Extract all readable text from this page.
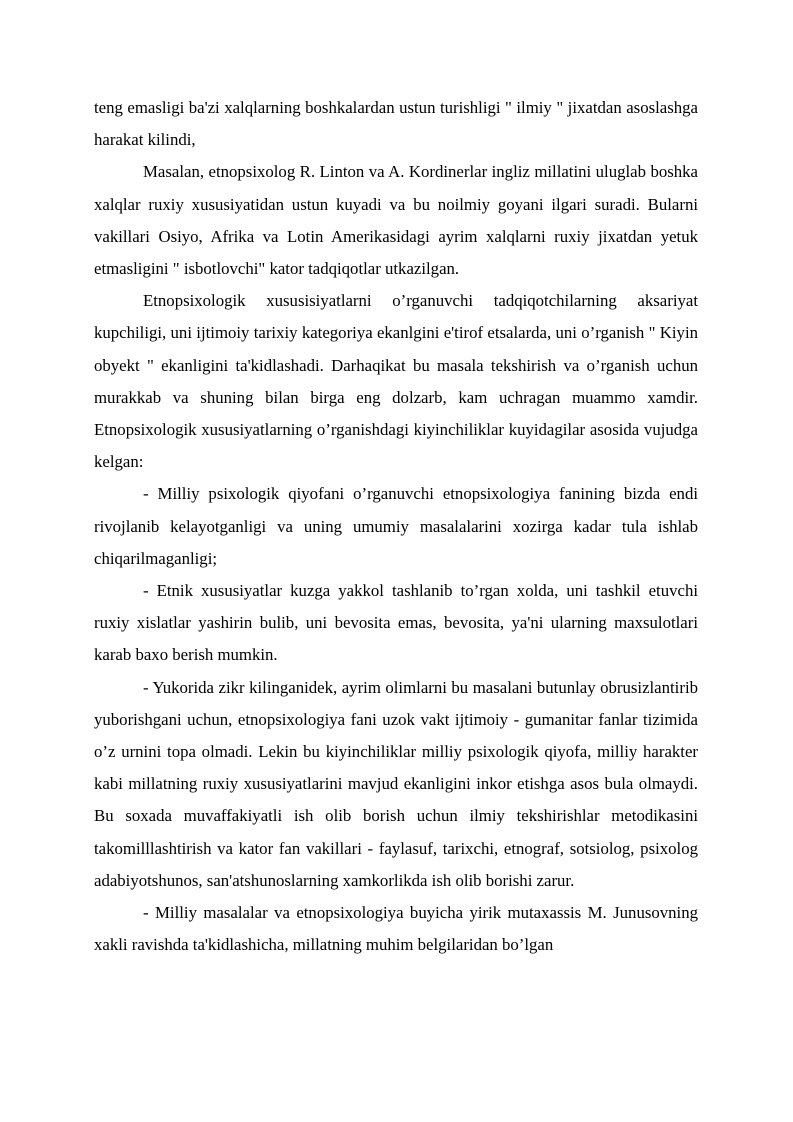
teng emasligi ba'zi xalqlarning boshkalardan ustun turishligi " ilmiy " jixatdan asoslashga harakat kilindi,

Masalan, etnopsixolog R. Linton va A. Kordinerlar ingliz millatini uluglab boshka xalqlar ruxiy xususiyatidan ustun kuyadi va bu noilmiy goyani ilgari suradi. Bularni vakillari Osiyo, Afrika va Lotin Amerikasidagi ayrim xalqlarni ruxiy jixatdan yetuk etmasligini " isbotlovchi" kator tadqiqotlar utkazilgan.

Etnopsixologik xususisiyatlarni o’rganuvchi tadqiqotchilarning aksariyat kupchiligi, uni ijtimoiy tarixiy kategoriya ekanlgini e'tirof etsalarda, uni o’rganish " Kiyin obyekt " ekanligini ta'kidlashadi. Darhaqikat bu masala tekshirish va o’rganish uchun murakkab va shuning bilan birga eng dolzarb, kam uchragan muammo xamdir. Etnopsixologik xususiyatlarning o’rganishdagi kiyinchiliklar kuyidagilar asosida vujudga kelgan:

- Milliy psixologik qiyofani o’rganuvchi etnopsixologiya fanining bizda endi rivojlanib kelayotganligi va uning umumiy masalalarini xozirga kadar tula ishlab chiqarilmaganligi;

- Etnik xususiyatlar kuzga yakkol tashlanib to’rgan xolda, uni tashkil etuvchi ruxiy xislatlar yashirin bulib, uni bevosita emas, bevosita, ya'ni ularning maxsulotlari karab baxo berish mumkin.

- Yukorida zikr kilinganidek, ayrim olimlarni bu masalani butunlay obrusizlantirib yuborishgani uchun, etnopsixologiya fani uzok vakt ijtimoiy - gumanitar fanlar tizimida o’z urnini topa olmadi. Lekin bu kiyinchiliklar milliy psixologik qiyofa, milliy harakter kabi millatning ruxiy xususiyatlarini mavjud ekanligini inkor etishga asos bula olmaydi. Bu soxada muvaffakiyatli ish olib borish uchun ilmiy tekshirishlar metodikasini takomilllashtirish va kator fan vakillari - faylasuf, tarixchi, etnograf, sotsiolog, psixolog adabiyotshunos, san'atshunoslarning xamkorlikda ish olib borishi zarur.

- Milliy masalalar va etnopsixologiya buyicha yirik mutaxassis M. Junusovning xakli ravishda ta'kidlashicha, millatning muhim belgilaridan bo’lgan
